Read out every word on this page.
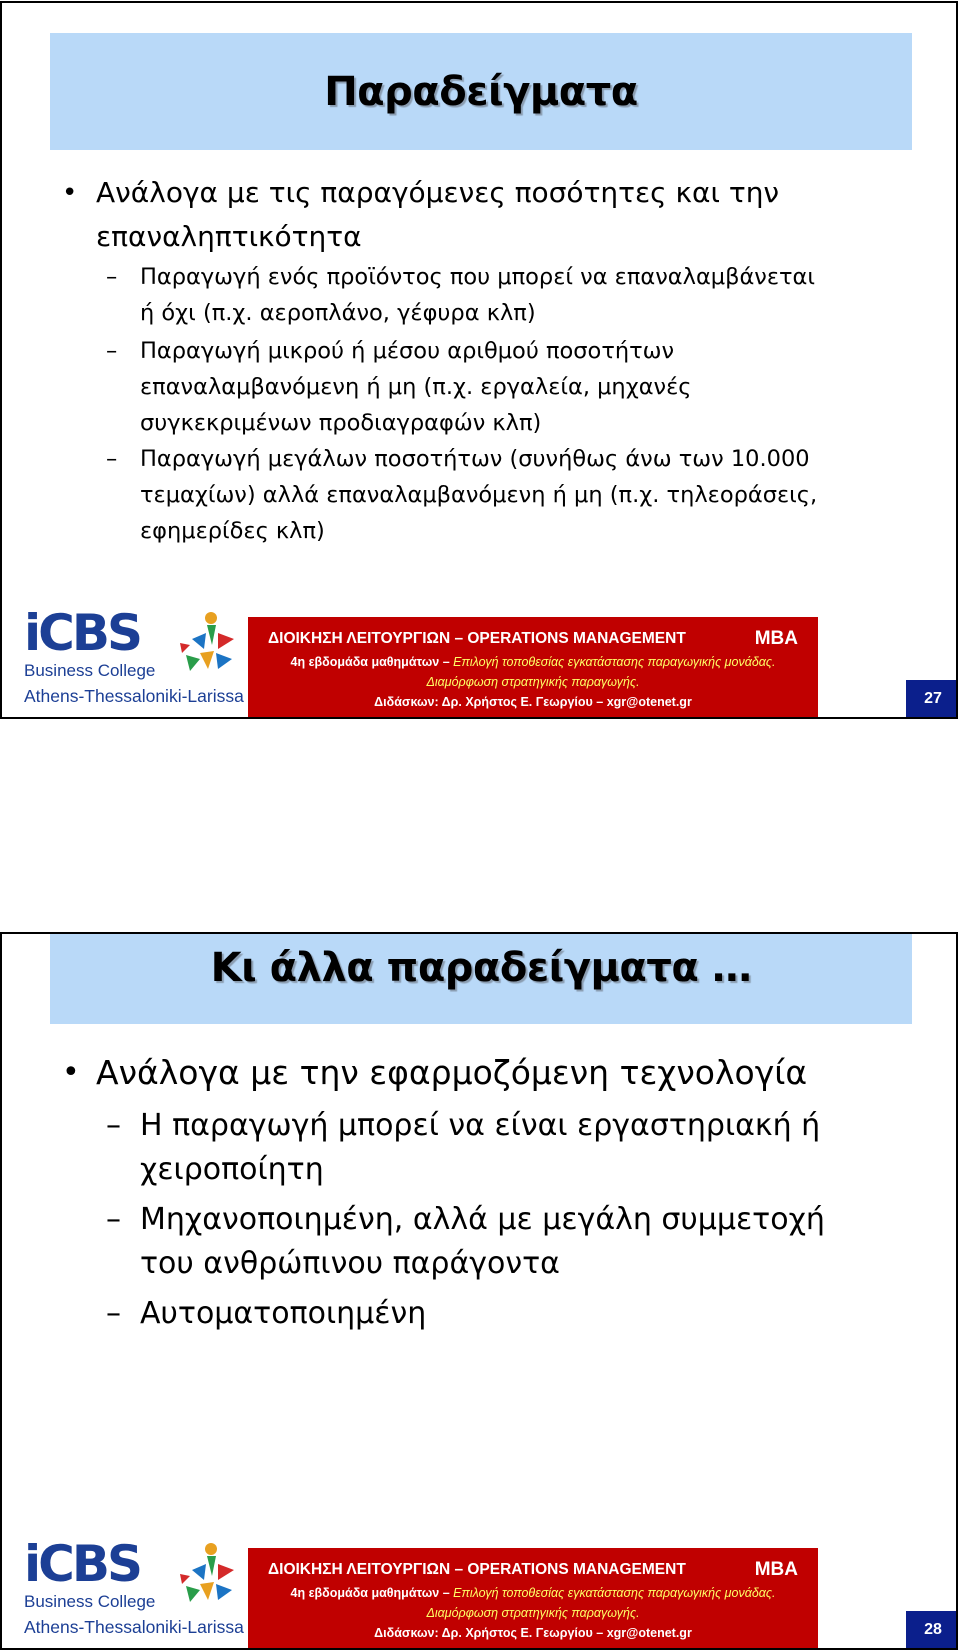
Παραδείγματα
• Ανάλογα με τις παραγόμενες ποσότητες και την
επαναληπτικότητα
– Παραγωγή ενός προϊόντος που μπορεί να επαναλαμβάνεται
ή όχι (π.χ. αεροπλάνο, γέφυρα κλπ)
– Παραγωγή μικρού ή μέσου αριθμού ποσοτήτων
επαναλαμβανόμενη ή μη (π.χ. εργαλεία, μηχανές
συγκεκριμένων προδιαγραφών κλπ)
– Παραγωγή μεγάλων ποσοτήτων (συνήθως άνω των 10.000
τεμαχίων) αλλά επαναλαμβανόμενη ή μη (π.χ. τηλεοράσεις,
εφημερίδες κλπ)
iCBS
Business College
Athens-Thessaloniki-Larissa
ΔΙΟΙΚΗΣΗ ΛΕΙΤΟΥΡΓΙΩΝ – OPERATIONS MANAGEMENT	MBA
4η εβδομάδα μαθημάτων – Επιλογή τοποθεσίας εγκατάστασης παραγωγικής μονάδας.
Διαμόρφωση στρατηγικής παραγωγής.
Διδάσκων: Δρ. Χρήστος Ε. Γεωργίου – xgr@otenet.gr	27
Κι άλλα παραδείγματα …
• Ανάλογα με την εφαρμοζόμενη τεχνολογία
– Η παραγωγή μπορεί να είναι εργαστηριακή ή
χειροποίητη
– Μηχανοποιημένη, αλλά με μεγάλη συμμετοχή
του ανθρώπινου παράγοντα
– Αυτοματοποιημένη
iCBS
Business College
Athens-Thessaloniki-Larissa
ΔΙΟΙΚΗΣΗ ΛΕΙΤΟΥΡΓΙΩΝ – OPERATIONS MANAGEMENT	MBA
4η εβδομάδα μαθημάτων – Επιλογή τοποθεσίας εγκατάστασης παραγωγικής μονάδας.
Διαμόρφωση στρατηγικής παραγωγής.
Διδάσκων: Δρ. Χρήστος Ε. Γεωργίου – xgr@otenet.gr	28
